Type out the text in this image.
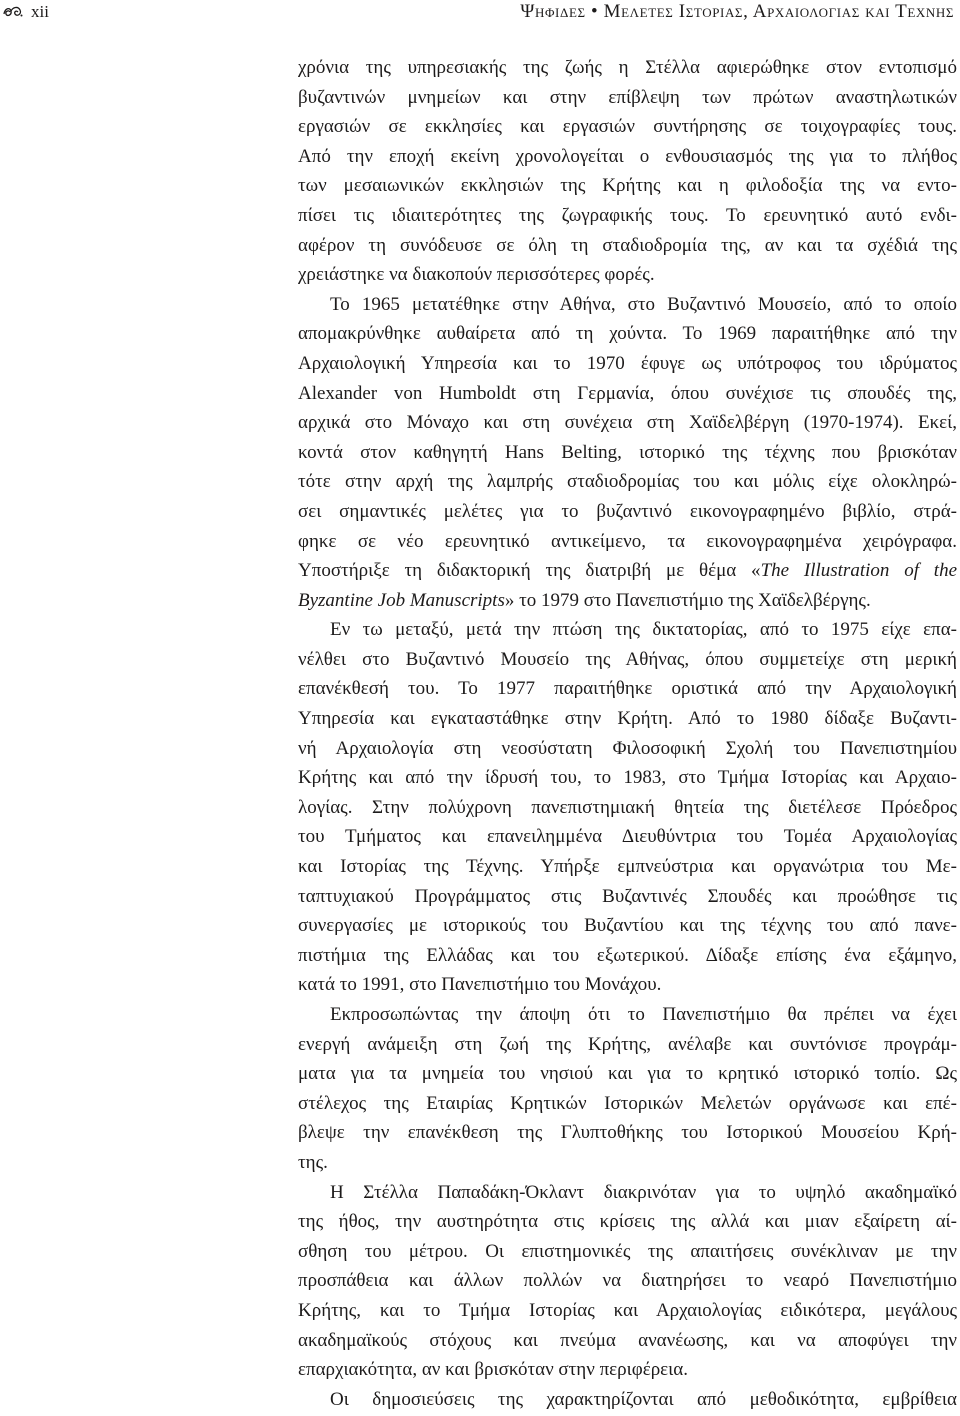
xii	Ψηφιδες • Μελετες Ιστοριας, Αρχαιολογιας και Τεχνης
χρόνια της υπηρεσιακής της ζωής η Στέλλα αφιερώθηκε στον εντοπισμό
βυζαντινών μνημείων και στην επίβλεψη των πρώτων αναστηλωτικών
εργασιών σε εκκλησίες και εργασιών συντήρησης σε τοιχογραφίες τους.
Από την εποχή εκείνη χρονολογείται ο ενθουσιασμός της για το πλήθος
των μεσαιωνικών εκκλησιών της Κρήτης και η φιλοδοξία της να εντο-
πίσει τις ιδιαιτερότητες της ζωγραφικής τους. Το ερευνητικό αυτό ενδι-
αφέρον τη συνόδευσε σε όλη τη σταδιοδρομία της, αν και τα σχέδιά της
χρειάστηκε να διακοπούν περισσότερες φορές.
Το 1965 μετατέθηκε στην Αθήνα, στο Βυζαντινό Μουσείο, από το οποίο
απομακρύνθηκε αυθαίρετα από τη χούντα. Το 1969 παραιτήθηκε από την
Αρχαιολογική Υπηρεσία και το 1970 έφυγε ως υπότροφος του ιδρύματος
Alexander von Humboldt στη Γερμανία, όπου συνέχισε τις σπουδές της,
αρχικά στο Μόναχο και στη συνέχεια στη Χαϊδελβέργη (1970-1974). Εκεί,
κοντά στον καθηγητή Hans Belting, ιστορικό της τέχνης που βρισκόταν
τότε στην αρχή της λαμπρής σταδιοδρομίας του και μόλις είχε ολοκληρώ-
σει σημαντικές μελέτες για το βυζαντινό εικονογραφημένο βιβλίο, στρά-
φηκε σε νέο ερευνητικό αντικείμενο, τα εικονογραφημένα χειρόγραφα.
Υποστήριξε τη διδακτορική της διατριβή με θέμα «The Illustration of the
Byzantine Job Manuscripts» το 1979 στο Πανεπιστήμιο της Χαϊδελβέργης.
Εν τω μεταξύ, μετά την πτώση της δικτατορίας, από το 1975 είχε επα-
νέλθει στο Βυζαντινό Μουσείο της Αθήνας, όπου συμμετείχε στη μερική
επανέκθεσή του. Το 1977 παραιτήθηκε οριστικά από την Αρχαιολογική
Υπηρεσία και εγκαταστάθηκε στην Κρήτη. Από το 1980 δίδαξε Βυζαντι-
νή Αρχαιολογία στη νεοσύστατη Φιλοσοφική Σχολή του Πανεπιστημίου
Κρήτης και από την ίδρυσή του, το 1983, στο Τμήμα Ιστορίας και Αρχαιο-
λογίας. Στην πολύχρονη πανεπιστημιακή θητεία της διετέλεσε Πρόεδρος
του Τμήματος και επανειλημμένα Διευθύντρια του Τομέα Αρχαιολογίας
και Ιστορίας της Τέχνης. Υπήρξε εμπνεύστρια και οργανώτρια του Με-
ταπτυχιακού Προγράμματος στις Βυζαντινές Σπουδές και προώθησε τις
συνεργασίες με ιστορικούς του Βυζαντίου και της τέχνης του από πανε-
πιστήμια της Ελλάδας και του εξωτερικού. Δίδαξε επίσης ένα εξάμηνο,
κατά το 1991, στο Πανεπιστήμιο του Μονάχου.
Εκπροσωπώντας την άποψη ότι το Πανεπιστήμιο θα πρέπει να έχει
ενεργή ανάμειξη στη ζωή της Κρήτης, ανέλαβε και συντόνισε προγράμ-
ματα για τα μνημεία του νησιού και για το κρητικό ιστορικό τοπίο. Ως
στέλεχος της Εταιρίας Κρητικών Ιστορικών Μελετών οργάνωσε και επέ-
βλεψε την επανέκθεση της Γλυπτοθήκης του Ιστορικού Μουσείου Κρή-
της.
Η Στέλλα Παπαδάκη-Όκλαντ διακρινόταν για το υψηλό ακαδημαϊκό
της ήθος, την αυστηρότητα στις κρίσεις της αλλά και μιαν εξαίρετη αί-
σθηση του μέτρου. Οι επιστημονικές της απαιτήσεις συνέκλιναν με την
προσπάθεια και άλλων πολλών να διατηρήσει το νεαρό Πανεπιστήμιο
Κρήτης, και το Τμήμα Ιστορίας και Αρχαιολογίας ειδικότερα, μεγάλους
ακαδημαϊκούς στόχους και πνεύμα ανανέωσης, και να αποφύγει την
επαρχιακότητα, αν και βρισκόταν στην περιφέρεια.
Οι δημοσιεύσεις της χαρακτηρίζονται από μεθοδικότητα, εμβρίθεια
